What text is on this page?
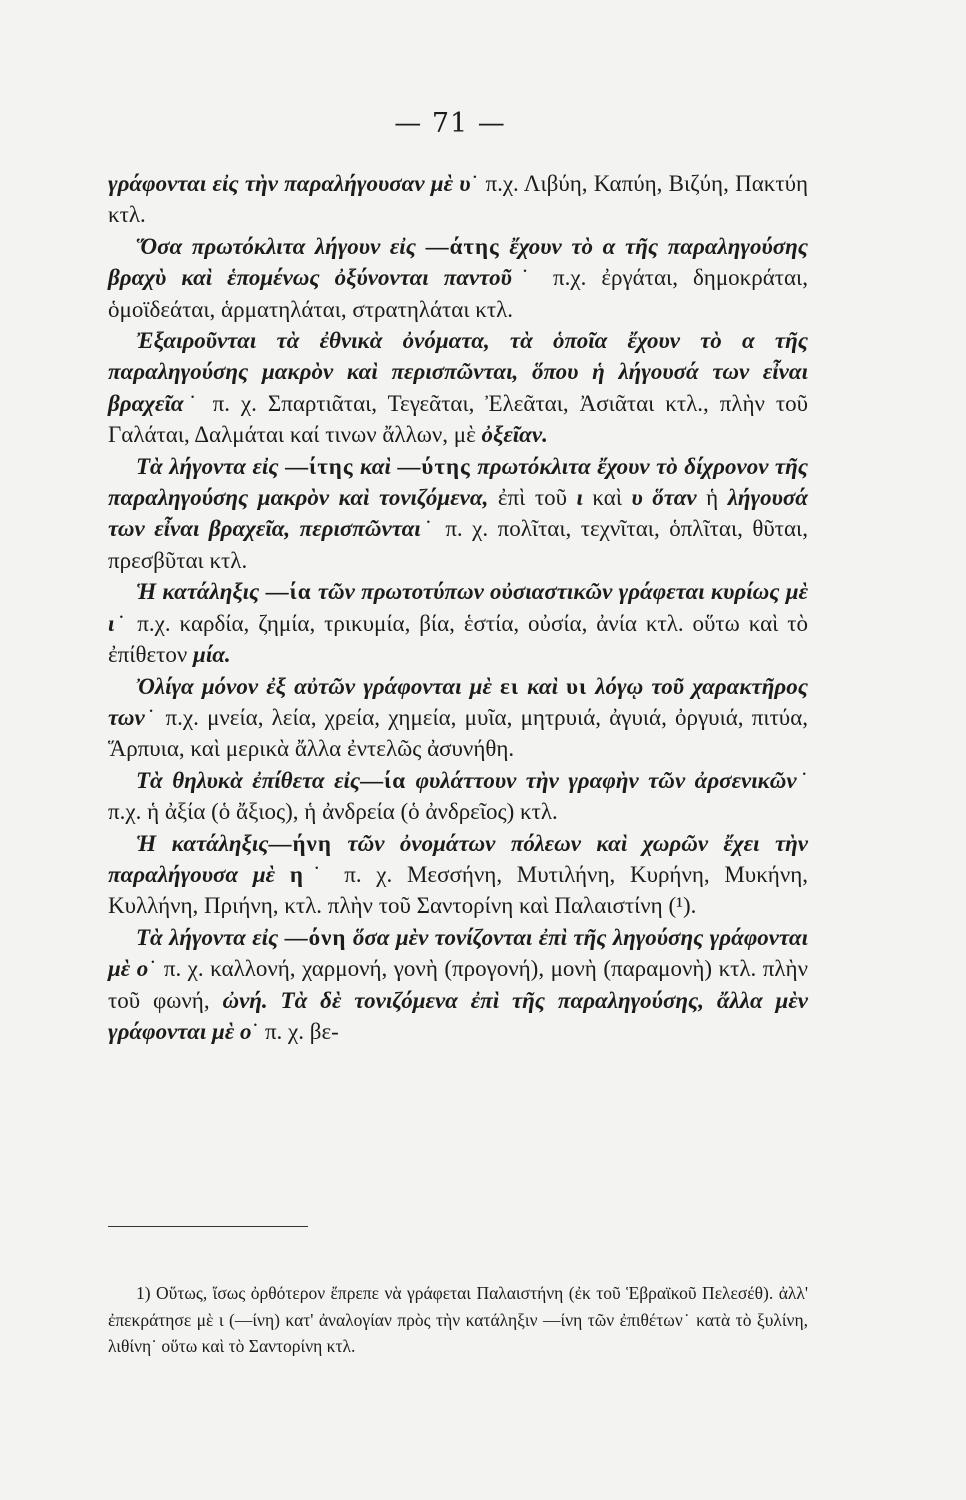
— 71 —

γράφονται εἰς τὴν παραλήγουσαν μὲ υ˙ π.χ. Λιβύη, Καπύη, Βιζύη, Πακτύη κτλ.

Ὅσα πρωτόκλιτα λήγουν εἰς —άτης ἔχουν τὸ α τῆς παραληγούσης βραχὺ καὶ ἑπομένως ὀξύνονται παντοῦ˙ π.χ. ἐργάται, δημοκράται, ὁμοϊδεάται, ἁρματηλάται, στρατηλάται κτλ.

Ἐξαιροῦνται τὰ ἐθνικὰ ὀνόματα, τὰ ὁποῖα ἔχουν τὸ α τῆς παραληγούσης μακρὸν καὶ περισπῶνται, ὅπου ἡ λήγουσά των εἶναι βραχεῖα˙ π. χ. Σπαρτιᾶται, Τεγεᾶται, Ἐλεᾶται, Ἀσιᾶται κτλ., πλὴν τοῦ Γαλάται, Δαλμάται καί τινων ἄλλων, μὲ ὀξεῖαν.

Τὰ λήγοντα εἰς —ίτης καὶ —ύτης πρωτόκλιτα ἔχουν τὸ δίχρονον τῆς παραληγούσης μακρὸν καὶ τονιζόμενα, ἐπὶ τοῦ ι καὶ υ ὅταν ἡ λήγουσά των εἶναι βραχεῖα, περισπῶνται˙ π. χ. πολῖται, τεχνῖται, ὁπλῖται, θῦται, πρεσβῦται κτλ.

Ἡ κατάληξις —ία τῶν πρωτοτύπων οὐσιαστικῶν γράφεται κυρίως μὲ ι˙ π.χ. καρδία, ζημία, τρικυμία, βία, ἑστία, οὐσία, ἀνία κτλ. οὕτω καὶ τὸ ἐπίθετον μία.

Ὀλίγα μόνον ἐξ αὐτῶν γράφονται μὲ ει καὶ υι λόγῳ τοῦ χαρακτῆρος των˙ π.χ. μνεία, λεία, χρεία, χημεία, μυῖα, μητρυιά, ἀγυιά, ὀργυιά, πιτύα, Ἅρπυια, καὶ μερικὰ ἄλλα ἐντελῶς ἀσυνήθη.

Τὰ θηλυκὰ ἐπίθετα εἰς—ία φυλάττουν τὴν γραφὴν τῶν ἀρσενικῶν˙ π.χ. ἡ ἀξία (ὁ ἄξιος), ἡ ἀνδρεία (ὁ ἀνδρεῖος) κτλ.

Ἡ κατάληξις—ήνη τῶν ὀνομάτων πόλεων καὶ χωρῶν ἔχει τὴν παραλήγουσα μὲ η˙ π. χ. Μεσσήνη, Μυτιλήνη, Κυρήνη, Μυκήνη, Κυλλήνη, Πριήνη, κτλ. πλὴν τοῦ Σαντορίνη καὶ Παλαιστίνη (¹).

Τὰ λήγοντα εἰς —όνη ὅσα μὲν τονίζονται ἐπὶ τῆς ληγούσης γράφονται μὲ ο˙ π. χ. καλλονή, χαρμονή, γονὴ (προγονή), μονὴ (παραμονὴ) κτλ. πλὴν τοῦ φωνή, ὠνή. Τὰ δὲ τονιζόμενα ἐπὶ τῆς παραληγούσης, ἄλλα μὲν γράφονται μὲ ο˙ π. χ. βε-

1) Οὕτως, ἴσως ὀρθότερον ἔπρεπε νὰ γράφεται Παλαιστήνη (ἐκ τοῦ Ἑβραϊκοῦ Πελεσέθ). ἀλλ' ἐπεκράτησε μὲ ι (—ίνη) κατ' ἀναλογίαν πρὸς τὴν κατάληξιν —ίνη τῶν ἐπιθέτων˙ κατὰ τὸ ξυλίνη, λιθίνη˙ οὕτω καὶ τὸ Σαντορίνη κτλ.
